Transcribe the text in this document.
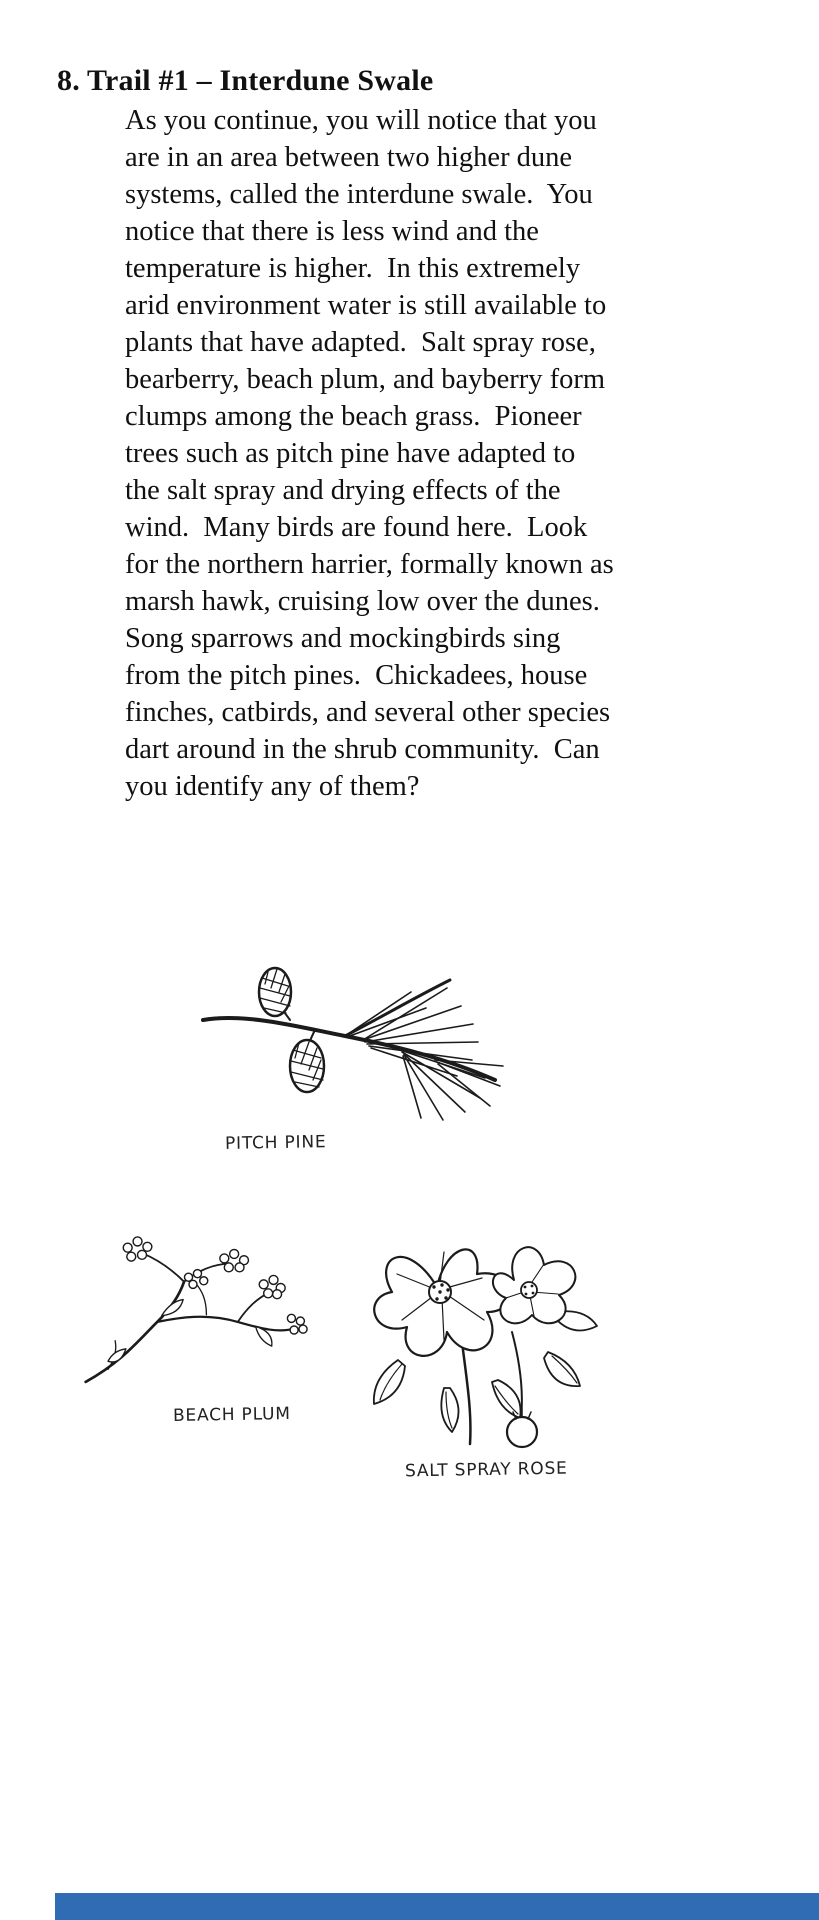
8. Trail #1 – Interdune Swale
As you continue, you will notice that you are in an area between two higher dune systems, called the interdune swale.  You notice that there is less wind and the temperature is higher.  In this extremely arid environment water is still available to plants that have adapted.  Salt spray rose, bearberry, beach plum, and bayberry form clumps among the beach grass.  Pioneer trees such as pitch pine have adapted to the salt spray and drying effects of the wind.  Many birds are found here.  Look for the northern harrier, formally known as marsh hawk, cruising low over the dunes.  Song sparrows and mockingbirds sing from the pitch pines.  Chickadees, house finches, catbirds, and several other species dart around in the shrub community.  Can you identify any of them?
PITCH PINE
BEACH PLUM
SALT SPRAY ROSE
